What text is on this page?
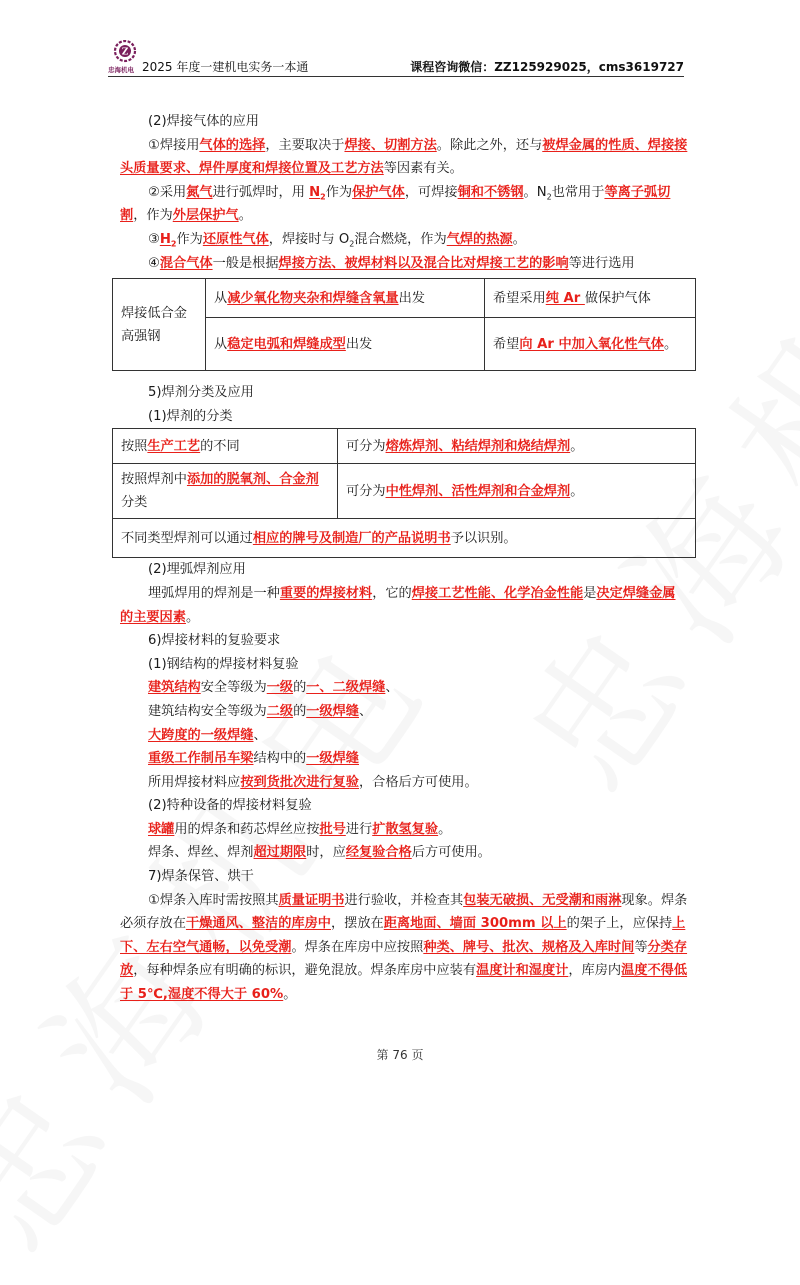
Z
忠海机电 2025 年度一建机电实务一本通	课程咨询微信：ZZ125929025，cms3619727

(2)焊接气体的应用

①焊接用气体的选择，主要取决于焊接、切割方法。除此之外，还与被焊金属的性质、焊接接头质量要求、焊件厚度和焊接位置及工艺方法等因素有关。

②采用氮气进行弧焊时，用 $N_2$作为保护气体，可焊接铜和不锈钢。$N_2$也常用于等离子弧切割，作为外层保护气。

$③H_2$作为还原性气体，焊接时与 $O_2$混合燃烧，作为气焊的热源。

④混合气体一般是根据焊接方法、被焊材料以及混合比对焊接工艺的影响等进行选用

焊接低合金高强钢	从减少氧化物夹杂和焊缝含氧量出发	希望采用纯 Ar 做保护气体
	从稳定电弧和焊缝成型出发	希望向 Ar 中加入氧化性气体。

5)焊剂分类及应用

(1)焊剂的分类

按照生产工艺的不同	可分为熔炼焊剂、粘结焊剂和烧结焊剂。
按照焊剂中添加的脱氧剂、合金剂分类	可分为中性焊剂、活性焊剂和合金焊剂。
不同类型焊剂可以通过相应的牌号及制造厂的产品说明书予以识别。	

(2)埋弧焊剂应用

埋弧焊用的焊剂是一种重要的焊接材料，它的焊接工艺性能、化学冶金性能是决定焊缝金属的主要因素。

6)焊接材料的复验要求

(1)钢结构的焊接材料复验

建筑结构安全等级为一级的一、二级焊缝、

建筑结构安全等级为二级的一级焊缝、

大跨度的一级焊缝、

重级工作制吊车梁结构中的一级焊缝

所用焊接材料应按到货批次进行复验，合格后方可使用。

(2)特种设备的焊接材料复验

球罐用的焊条和药芯焊丝应按批号进行扩散氢复验。

焊条、焊丝、焊剂超过期限时，应经复验合格后方可使用。

7)焊条保管、烘干

①焊条入库时需按照其质量证明书进行验收，并检查其包装无破损、无受潮和雨淋现象。焊条必须存放在干燥通风、整洁的库房中，摆放在距离地面、墙面 300mm 以上的架子上，应保持上下、左右空气通畅，以免受潮。焊条在库房中应按照种类、牌号、批次、规格及入库时间等分类存放，每种焊条应有明确的标识，避免混放。焊条库房中应装有温度计和湿度计，库房内温度不得低于 5℃,湿度不得大于 60%。

第 76 页
